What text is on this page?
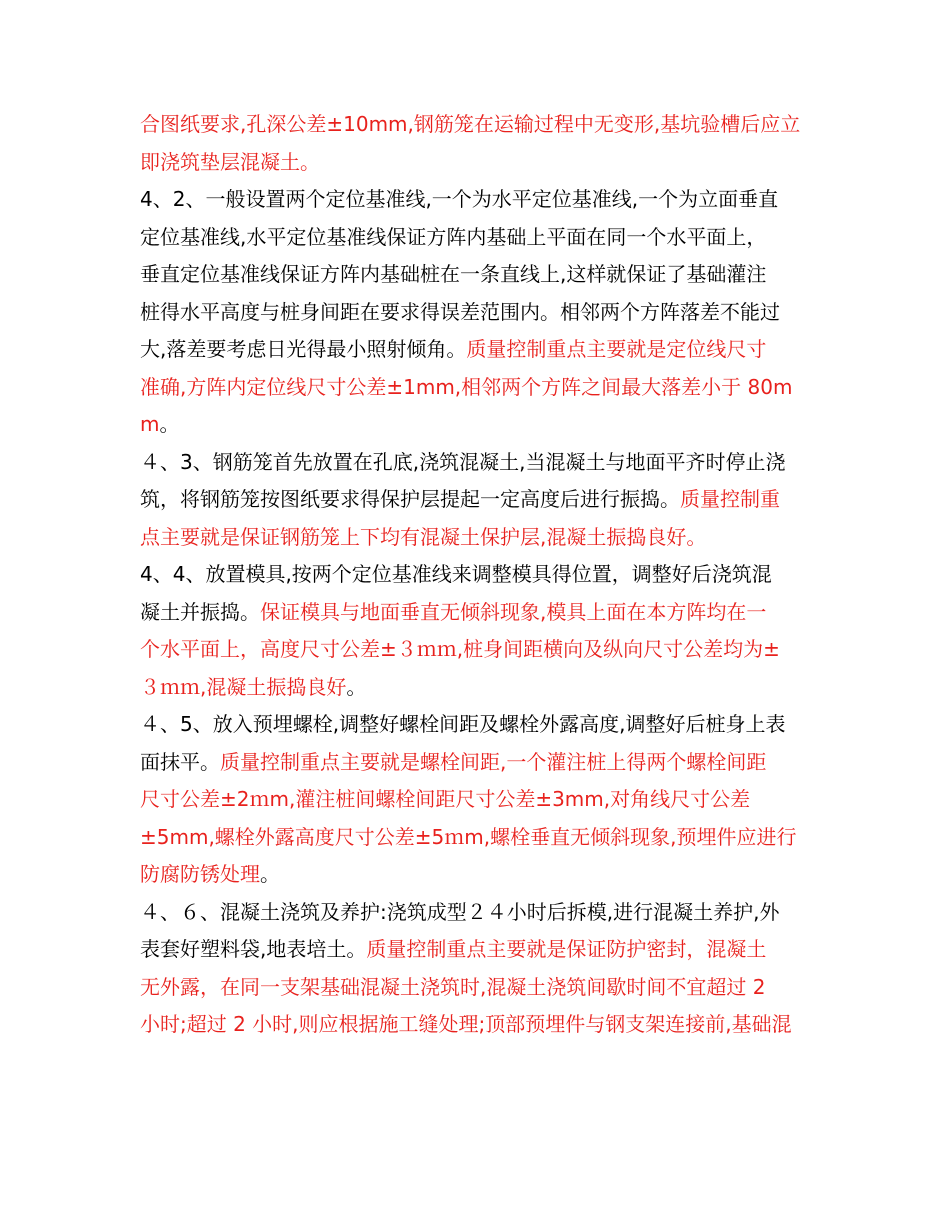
合图纸要求,孔深公差±10mm,钢筋笼在运输过程中无变形,基坑验槽后应立
即浇筑垫层混凝土。
4、2、一般设置两个定位基准线,一个为水平定位基准线,一个为立面垂直
定位基准线,水平定位基准线保证方阵内基础上平面在同一个水平面上，
垂直定位基准线保证方阵内基础桩在一条直线上,这样就保证了基础灌注
桩得水平高度与桩身间距在要求得误差范围内。相邻两个方阵落差不能过
大,落差要考虑日光得最小照射倾角。质量控制重点主要就是定位线尺寸
准确,方阵内定位线尺寸公差±1mm,相邻两个方阵之间最大落差小于 80m
m。
４、3、钢筋笼首先放置在孔底,浇筑混凝土,当混凝土与地面平齐时停止浇
筑，将钢筋笼按图纸要求得保护层提起一定高度后进行振捣。质量控制重
点主要就是保证钢筋笼上下均有混凝土保护层,混凝土振捣良好。
4、4、放置模具,按两个定位基准线来调整模具得位置，调整好后浇筑混
凝土并振捣。保证模具与地面垂直无倾斜现象,模具上面在本方阵均在一
个水平面上，高度尺寸公差±３ｍｍ,桩身间距横向及纵向尺寸公差均为±
３ｍｍ,混凝土振捣良好。
４、5、放入预埋螺栓,调整好螺栓间距及螺栓外露高度,调整好后桩身上表
面抹平。质量控制重点主要就是螺栓间距,一个灌注桩上得两个螺栓间距
尺寸公差±2ｍm,灌注桩间螺栓间距尺寸公差±3mm,对角线尺寸公差
±5mm,螺栓外露高度尺寸公差±5ｍm,螺栓垂直无倾斜现象,预埋件应进行
防腐防锈处理。
４、６、混凝土浇筑及养护:浇筑成型２４小时后拆模,进行混凝土养护,外
表套好塑料袋,地表培土。质量控制重点主要就是保证防护密封，混凝土
无外露，在同一支架基础混凝土浇筑时,混凝土浇筑间歇时间不宜超过 2
小时;超过 2 小时,则应根据施工缝处理;顶部预埋件与钢支架连接前,基础混
